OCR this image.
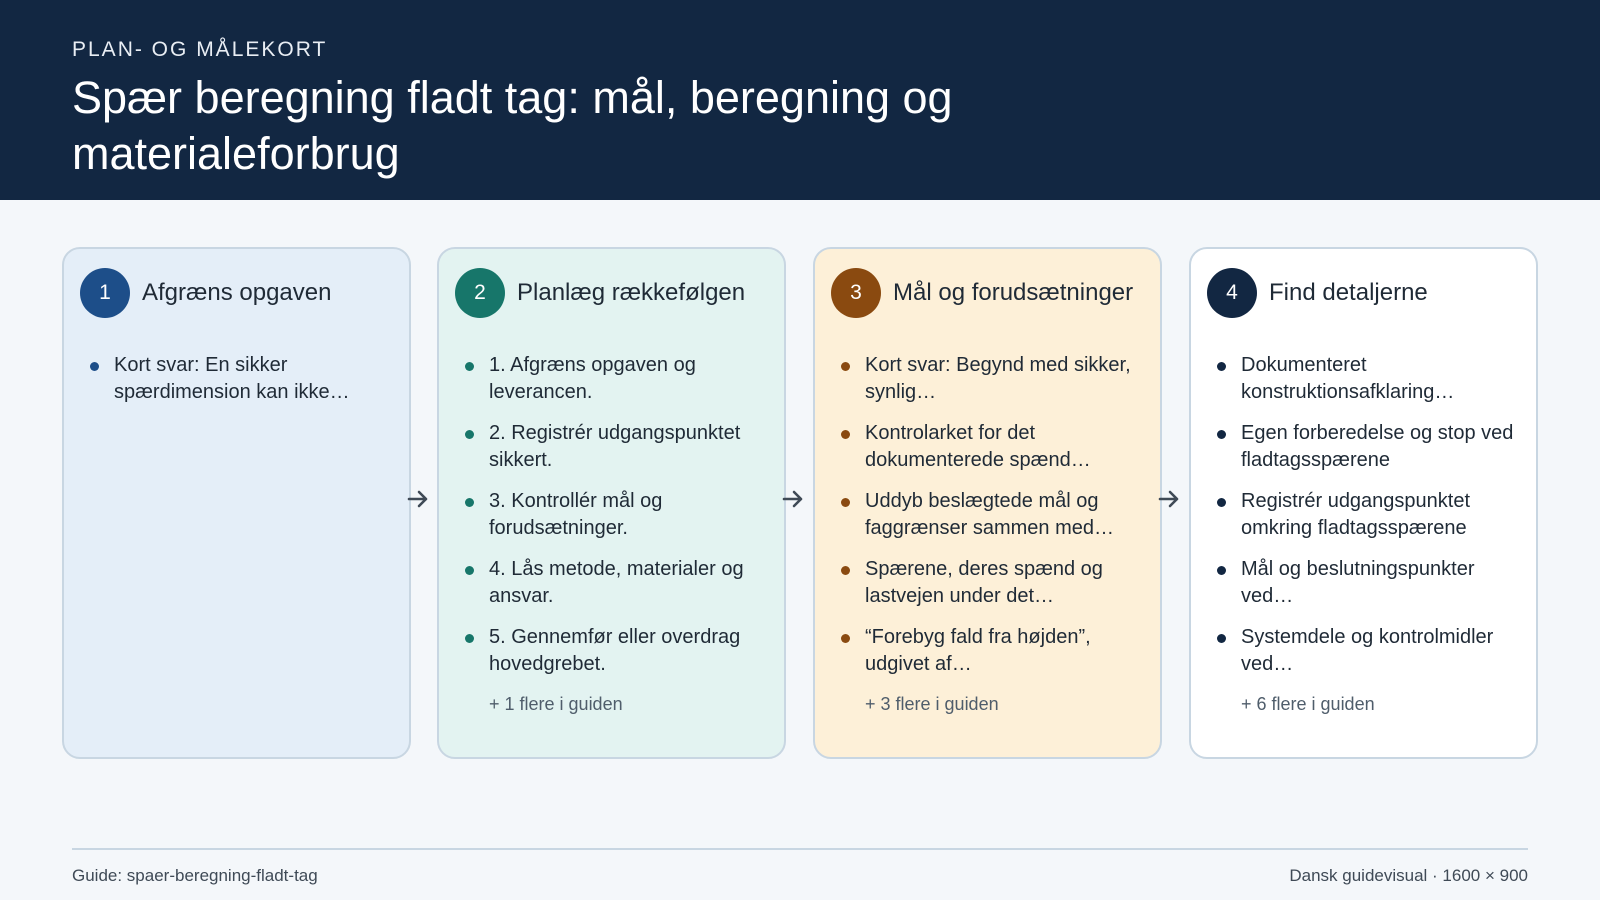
PLAN- OG MÅLEKORT
Spær beregning fladt tag: mål, beregning og materialeforbrug
1	Afgræns opgaven
Kort svar: En sikker spærdimension kan ikke…
2	Planlæg rækkefølgen
1. Afgræns opgaven og leverancen.
2. Registrér udgangspunktet sikkert.
3. Kontrollér mål og forudsætninger.
4. Lås metode, materialer og ansvar.
5. Gennemfør eller overdrag hovedgrebet.
+ 1 flere i guiden
3	Mål og forudsætninger
Kort svar: Begynd med sikker, synlig…
Kontrolarket for det dokumenterede spænd…
Uddyb beslægtede mål og faggrænser sammen med…
Spærene, deres spænd og lastvejen under det…
“Forebyg fald fra højden”, udgivet af…
+ 3 flere i guiden
4	Find detaljerne
Dokumenteret konstruktionsafklaring…
Egen forberedelse og stop ved fladtagsspærene
Registrér udgangspunktet omkring fladtagsspærene
Mål og beslutningspunkter ved…
Systemdele og kontrolmidler ved…
+ 6 flere i guiden
Guide: spaer-beregning-fladt-tag	Dansk guidevisual · 1600 × 900
